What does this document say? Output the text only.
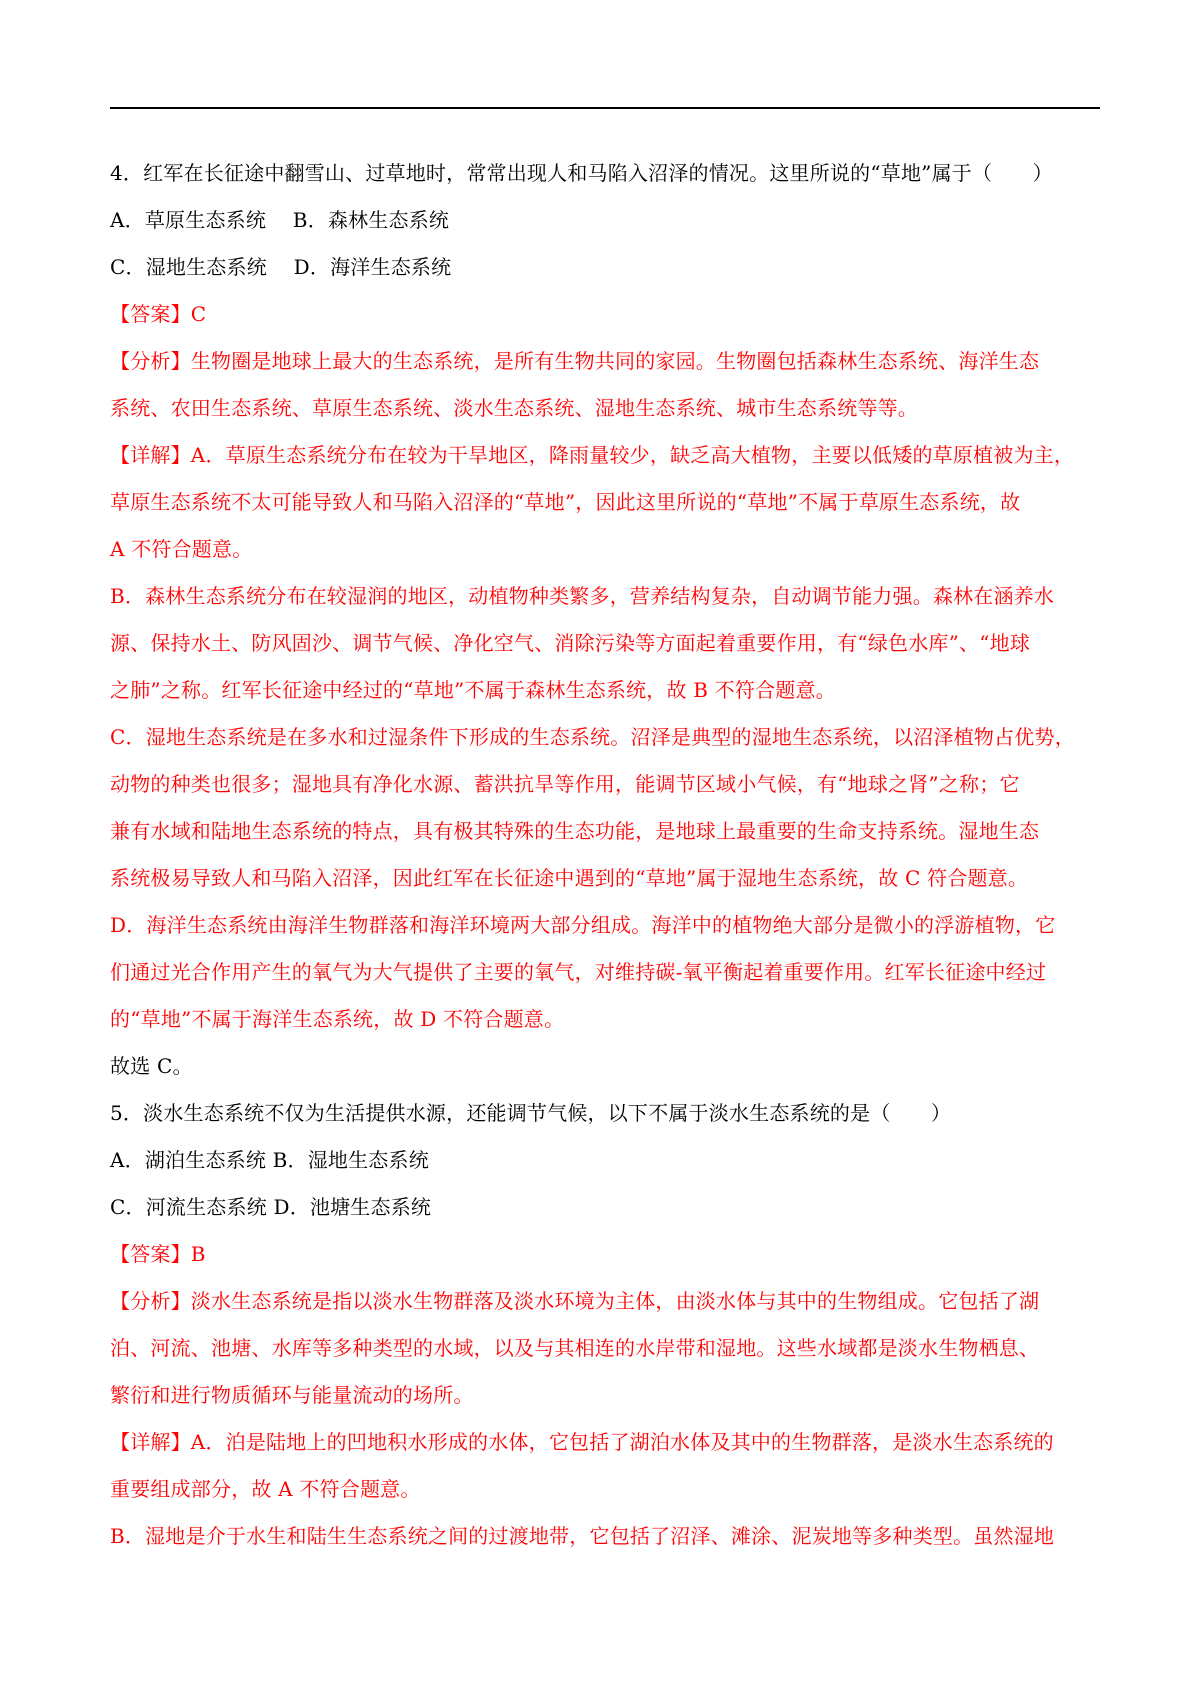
4．红军在长征途中翻雪山、过草地时，常常出现人和马陷入沼泽的情况。这里所说的“草地”属于（　　）
A．草原生态系统　 B．森林生态系统
C．湿地生态系统　 D．海洋生态系统
【答案】C
【分析】生物圈是地球上最大的生态系统，是所有生物共同的家园。生物圈包括森林生态系统、海洋生态
系统、农田生态系统、草原生态系统、淡水生态系统、湿地生态系统、城市生态系统等等。
【详解】A．草原生态系统分布在较为干旱地区，降雨量较少，缺乏高大植物，主要以低矮的草原植被为主，
草原生态系统不太可能导致人和马陷入沼泽的“草地”，因此这里所说的“草地”不属于草原生态系统，故
A 不符合题意。
B．森林生态系统分布在较湿润的地区，动植物种类繁多，营养结构复杂，自动调节能力强。森林在涵养水
源、保持水土、防风固沙、调节气候、净化空气、消除污染等方面起着重要作用，有“绿色水库”、“地球
之肺”之称。红军长征途中经过的“草地”不属于森林生态系统，故 B 不符合题意。
C．湿地生态系统是在多水和过湿条件下形成的生态系统。沼泽是典型的湿地生态系统，以沼泽植物占优势，
动物的种类也很多；湿地具有净化水源、蓄洪抗旱等作用，能调节区域小气候，有“地球之肾”之称；它
兼有水域和陆地生态系统的特点，具有极其特殊的生态功能，是地球上最重要的生命支持系统。湿地生态
系统极易导致人和马陷入沼泽，因此红军在长征途中遇到的“草地”属于湿地生态系统，故 C 符合题意。
D．海洋生态系统由海洋生物群落和海洋环境两大部分组成。海洋中的植物绝大部分是微小的浮游植物，它
们通过光合作用产生的氧气为大气提供了主要的氧气，对维持碳-氧平衡起着重要作用。红军长征途中经过
的“草地”不属于海洋生态系统，故 D 不符合题意。
故选 C。
5．淡水生态系统不仅为生活提供水源，还能调节气候，以下不属于淡水生态系统的是（　　）
A．湖泊生态系统 B．湿地生态系统
C．河流生态系统 D．池塘生态系统
【答案】B
【分析】淡水生态系统是指以淡水生物群落及淡水环境为主体，由淡水体与其中的生物组成。它包括了湖
泊、河流、池塘、水库等多种类型的水域，以及与其相连的水岸带和湿地。这些水域都是淡水生物栖息、
繁衍和进行物质循环与能量流动的场所。
【详解】A．泊是陆地上的凹地积水形成的水体，它包括了湖泊水体及其中的生物群落，是淡水生态系统的
重要组成部分，故 A 不符合题意。
B．湿地是介于水生和陆生生态系统之间的过渡地带，它包括了沼泽、滩涂、泥炭地等多种类型。虽然湿地
